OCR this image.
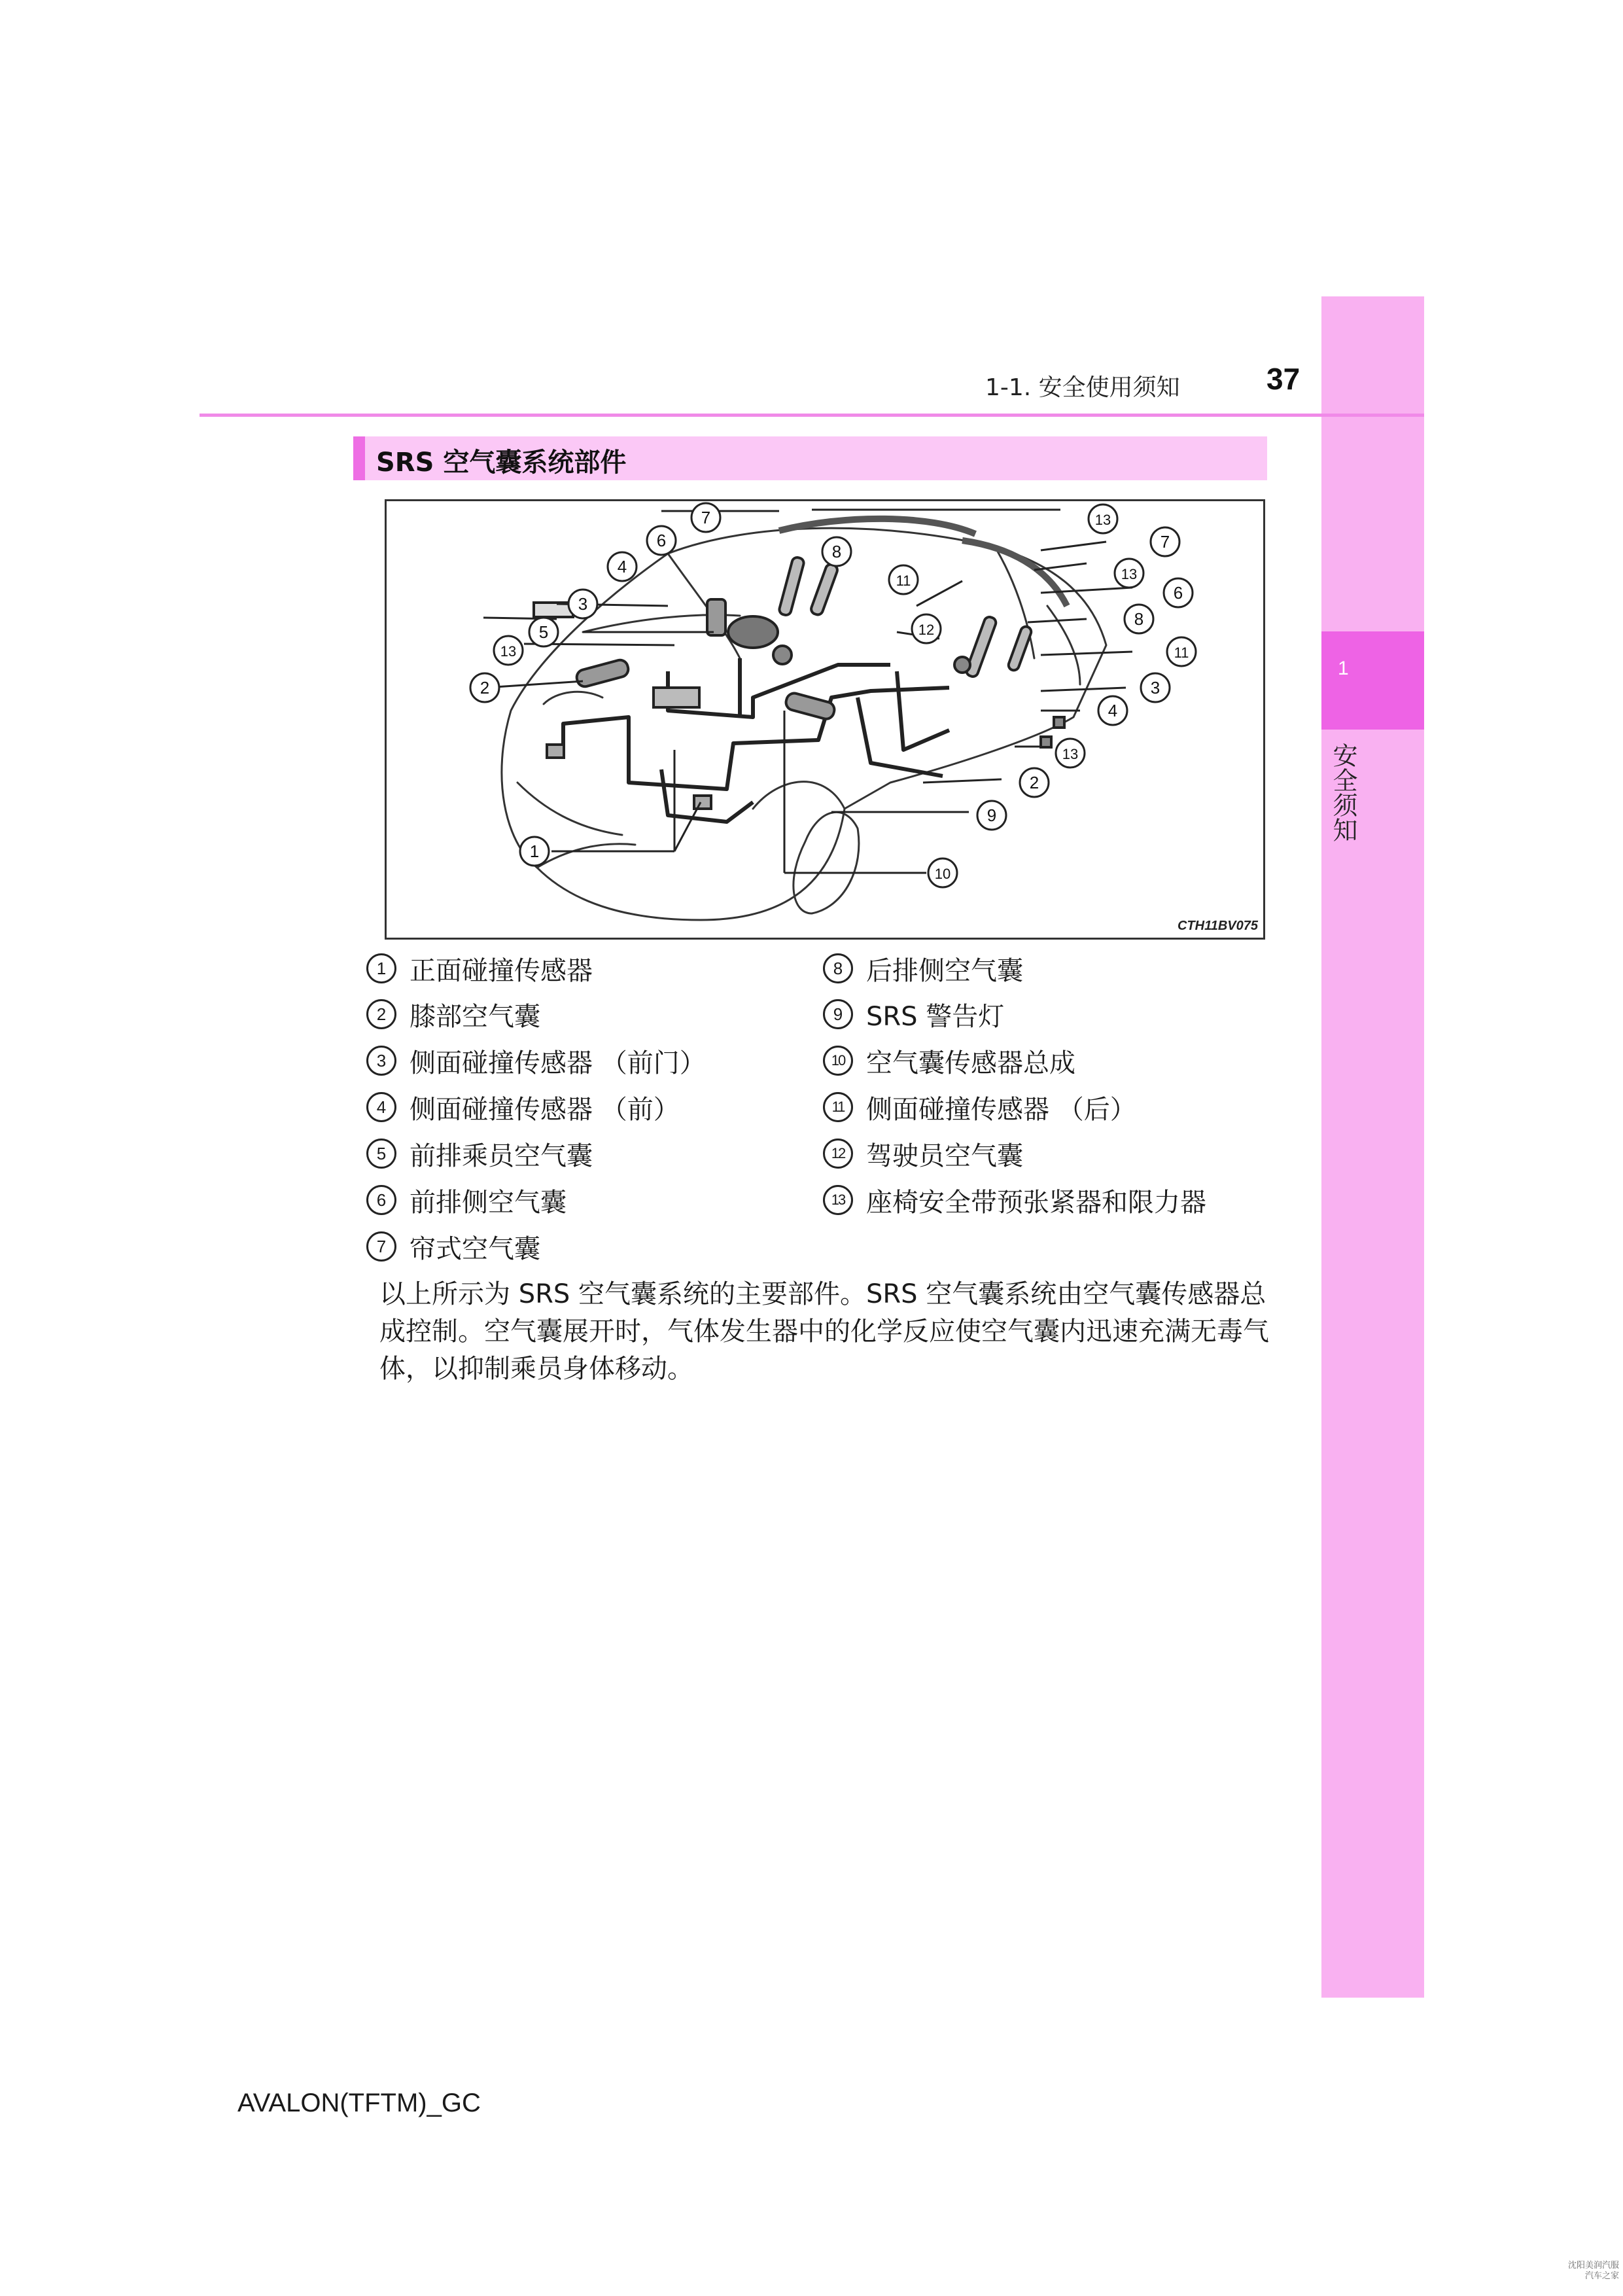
1
安全须知
1-1. 安全使用须知	37
SRS 空气囊系统部件
1
2
3
4
5
6
7
8
9
10
11
12
13
13
7
13
6
8
11
3
4
13
2
CTH11BV075
1 正面碰撞传感器
2 膝部空气囊
3 侧面碰撞传感器 （前门）
4 侧面碰撞传感器 （前）
5 前排乘员空气囊
6 前排侧空气囊
7 帘式空气囊
8 后排侧空气囊
9 SRS 警告灯
10 空气囊传感器总成
11 侧面碰撞传感器 （后）
12 驾驶员空气囊
13 座椅安全带预张紧器和限力器
以上所示为 SRS 空气囊系统的主要部件。SRS 空气囊系统由空气囊传感器总成控制。空气囊展开时，气体发生器中的化学反应使空气囊内迅速充满无毒气体，以抑制乘员身体移动。
AVALON(TFTM)_GC
沈阳美润汽服 汽车之家
